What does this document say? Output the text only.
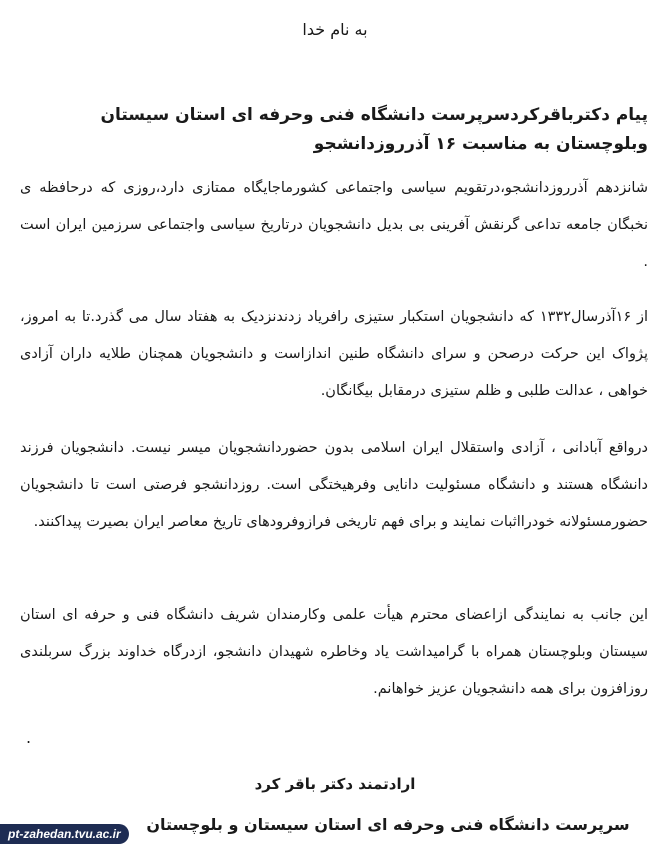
به نام خدا
پیام دکترباقرکردسرپرست دانشگاه فنی وحرفه ای استان سیستان وبلوچستان به مناسبت ۱۶ آذرروزدانشجو

شانزدهم آذرروزدانشجو،درتقویم سیاسی واجتماعی کشورماجایگاه ممتازی دارد،روزی که درحافظه ی نخبگان جامعه تداعی گرنقش آفرینی بی بدیل دانشجویان درتاریخ سیاسی واجتماعی سرزمین ایران است .

از ۱۶آذرسال۱۳۳۲ که دانشجویان استکبار ستیزی رافریاد زدندنزدیک به هفتاد سال می گذرد.تا به امروز، پژواک این حرکت درصحن و سرای دانشگاه طنین اندازاست و دانشجویان همچنان طلایه داران آزادی خواهی ، عدالت طلبی و ظلم ستیزی درمقابل بیگانگان.

درواقع آبادانی ، آزادی واستقلال ایران اسلامی بدون حضوردانشجویان میسر نیست. دانشجویان فرزند دانشگاه هستند و دانشگاه مسئولیت دانایی وفرهیختگی است. روزدانشجو فرصتی است تا دانشجویان حضورمسئولانه خودرااثبات نمایند و برای فهم تاریخی فرازوفرودهای تاریخ معاصر ایران بصیرت پیداکنند.

این جانب به نمایندگی ازاعضای محترم هیأت علمی وکارمندان شریف دانشگاه فنی و حرفه ای استان سیستان وبلوچستان همراه با گرامیداشت یاد وخاطره شهیدان دانشجو، ازدرگاه خداوند بزرگ سربلندی روزافزون برای همه دانشجویان عزیز خواهانم.

.
ارادتمند دکتر باقر کرد
سرپرست دانشگاه فنی وحرفه ای استان سیستان و بلوچستان
pt-zahedan.tvu.ac.ir
